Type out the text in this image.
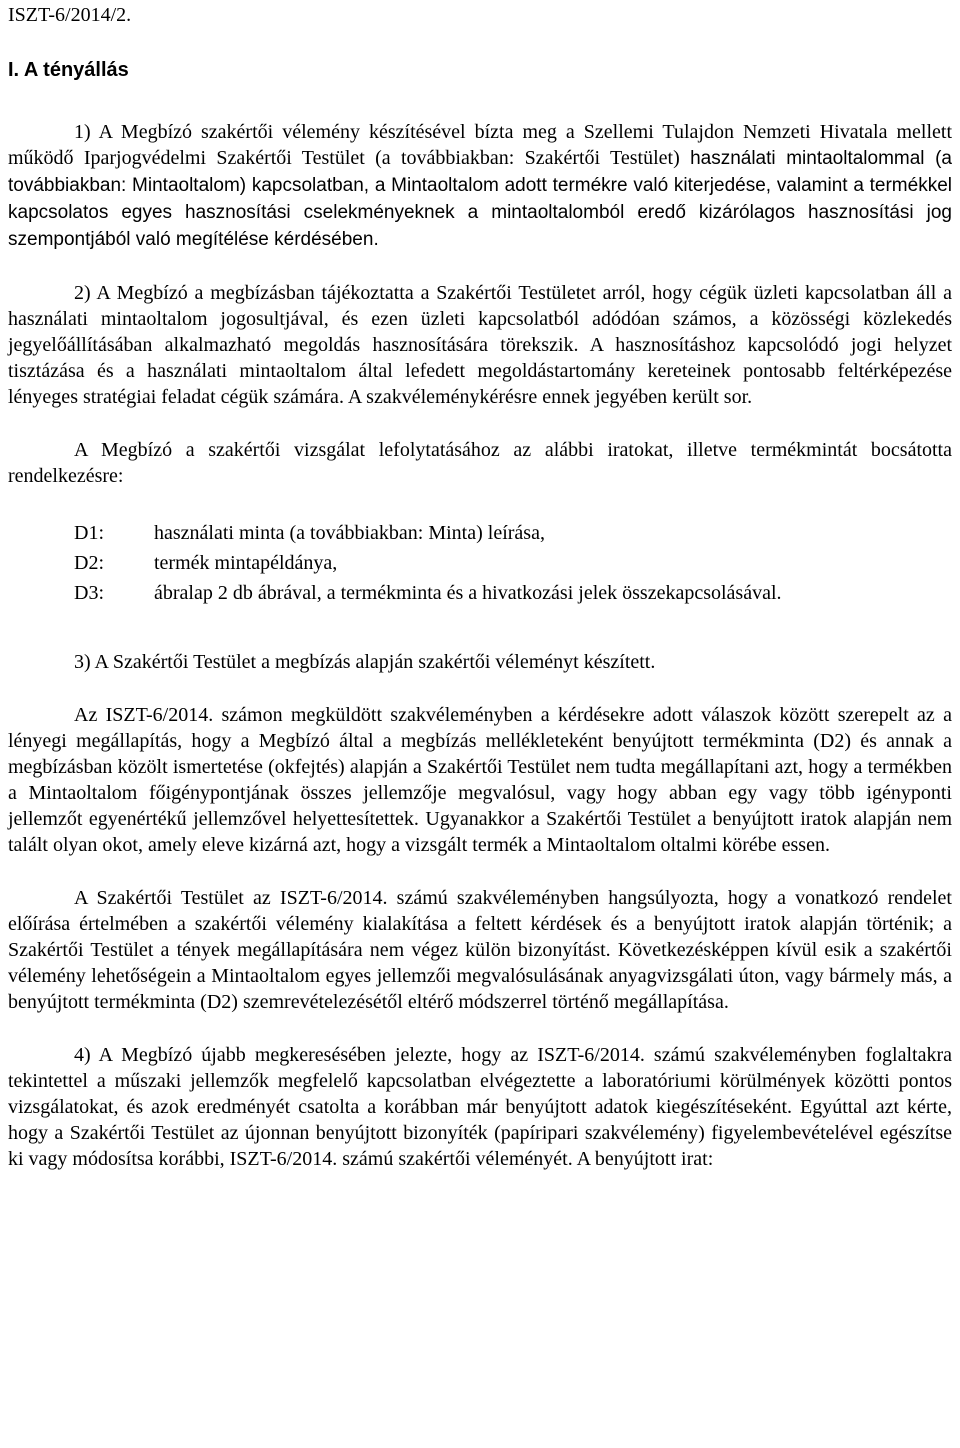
ISZT-6/2014/2.

I. A tényállás

1) A Megbízó szakértői vélemény készítésével bízta meg a Szellemi Tulajdon Nemzeti Hivatala mellett működő Iparjogvédelmi Szakértői Testület (a továbbiakban: Szakértői Testület) használati mintaoltalommal (a továbbiakban: Mintaoltalom) kapcsolatban, a Mintaoltalom adott termékre való kiterjedése, valamint a termékkel kapcsolatos egyes hasznosítási cselekményeknek a mintaoltalomból eredő kizárólagos hasznosítási jog szempontjából való megítélése kérdésében.

2) A Megbízó a megbízásban tájékoztatta a Szakértői Testületet arról, hogy cégük üzleti kapcsolatban áll a használati mintaoltalom jogosultjával, és ezen üzleti kapcsolatból adódóan számos, a közösségi közlekedés jegyelőállításában alkalmazható megoldás hasznosítására törekszik. A hasznosításhoz kapcsolódó jogi helyzet tisztázása és a használati mintaoltalom által lefedett megoldástartomány kereteinek pontosabb feltérképezése lényeges stratégiai feladat cégük számára. A szakvéleménykérésre ennek jegyében került sor.

A Megbízó a szakértői vizsgálat lefolytatásához az alábbi iratokat, illetve termékmintát bocsátotta rendelkezésre:

D1:	használati minta (a továbbiakban: Minta) leírása,
D2:	termék mintapéldánya,
D3:	ábralap 2 db ábrával, a termékminta és a hivatkozási jelek összekapcsolásával.

3) A Szakértői Testület a megbízás alapján szakértői véleményt készített.

Az ISZT-6/2014. számon megküldött szakvéleményben a kérdésekre adott válaszok között szerepelt az a lényegi megállapítás, hogy a Megbízó által a megbízás mellékleteként benyújtott termékminta (D2) és annak a megbízásban közölt ismertetése (okfejtés) alapján a Szakértői Testület nem tudta megállapítani azt, hogy a termékben a Mintaoltalom főigénypontjának összes jellemzője megvalósul, vagy hogy abban egy vagy több igényponti jellemzőt egyenértékű jellemzővel helyettesítettek. Ugyanakkor a Szakértői Testület a benyújtott iratok alapján nem talált olyan okot, amely eleve kizárná azt, hogy a vizsgált termék a Mintaoltalom oltalmi körébe essen.

A Szakértői Testület az ISZT-6/2014. számú szakvéleményben hangsúlyozta, hogy a vonatkozó rendelet előírása értelmében a szakértői vélemény kialakítása a feltett kérdések és a benyújtott iratok alapján történik; a Szakértői Testület a tények megállapítására nem végez külön bizonyítást. Következésképpen kívül esik a szakértői vélemény lehetőségein a Mintaoltalom egyes jellemzői megvalósulásának anyagvizsgálati úton, vagy bármely más, a benyújtott termékminta (D2) szemrevételezésétől eltérő módszerrel történő megállapítása.

4) A Megbízó újabb megkeresésében jelezte, hogy az ISZT-6/2014. számú szakvéleményben foglaltakra tekintettel a műszaki jellemzők megfelelő kapcsolatban elvégeztette a laboratóriumi körülmények közötti pontos vizsgálatokat, és azok eredményét csatolta a korábban már benyújtott adatok kiegészítéseként. Egyúttal azt kérte, hogy a Szakértői Testület az újonnan benyújtott bizonyíték (papíripari szakvélemény) figyelembevételével egészítse ki vagy módosítsa korábbi, ISZT-6/2014. számú szakértői véleményét. A benyújtott irat:
